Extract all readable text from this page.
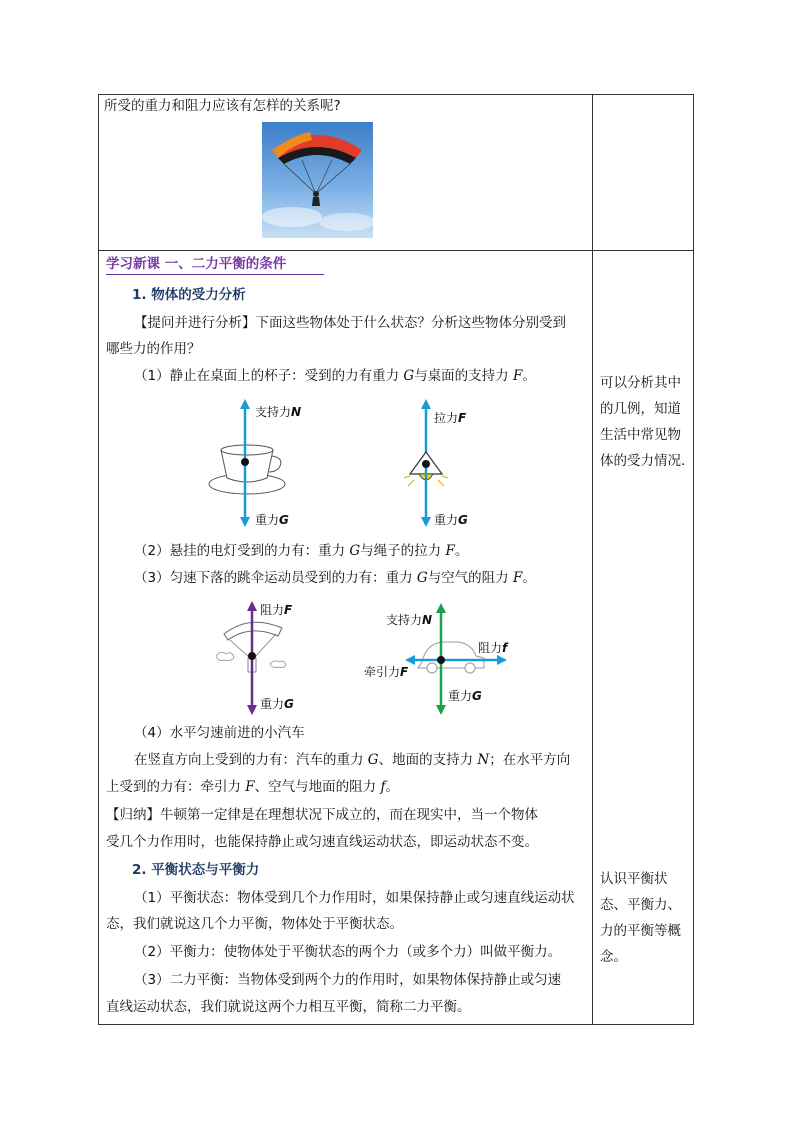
所受的重力和阻力应该有怎样的关系呢?
学习新课 一、二力平衡的条件
1. 物体的受力分析
【提问并进行分析】下面这些物体处于什么状态？分析这些物体分别受到
哪些力的作用？
（1）静止在桌面上的杯子：受到的力有重力 G与桌面的支持力 F。
支持力N
重力G
拉力F
重力G
（2）悬挂的电灯受到的力有：重力 G与绳子的拉力 F。
（3）匀速下落的跳伞运动员受到的力有：重力 G与空气的阻力 F。
阻力F
重力G
支持力N
阻力f
牵引力F
重力G
（4）水平匀速前进的小汽车
在竖直方向上受到的力有：汽车的重力 G、地面的支持力 N；在水平方向
上受到的力有：牵引力 F、空气与地面的阻力 f。
【归纳】牛顿第一定律是在理想状况下成立的，而在现实中，当一个物体
受几个力作用时，也能保持静止或匀速直线运动状态，即运动状态不变。
2. 平衡状态与平衡力
（1）平衡状态：物体受到几个力作用时，如果保持静止或匀速直线运动状
态，我们就说这几个力平衡，物体处于平衡状态。
（2）平衡力：使物体处于平衡状态的两个力（或多个力）叫做平衡力。
（3）二力平衡：当物体受到两个力的作用时，如果物体保持静止或匀速
直线运动状态，我们就说这两个力相互平衡，简称二力平衡。
可以分析其中
的几例，知道
生活中常见物
体的受力情况.
认识平衡状
态、平衡力、
力的平衡等概
念。
